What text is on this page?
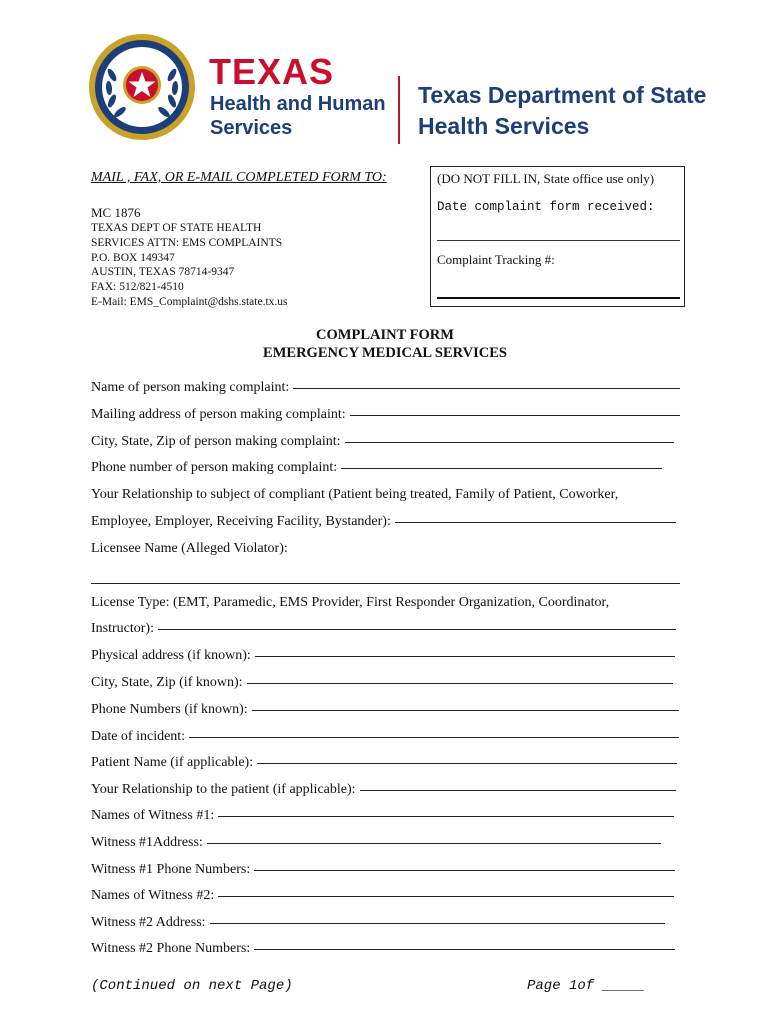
TEXAS
Health and Human
Services
Texas Department of State
Health Services
MAIL , FAX, OR E-MAIL COMPLETED FORM TO:
MC 1876
TEXAS DEPT OF STATE HEALTH
SERVICES ATTN: EMS COMPLAINTS
P.O. BOX 149347
AUSTIN, TEXAS 78714-9347
FAX: 512/821-4510
E-Mail: EMS_Complaint@dshs.state.tx.us
(DO NOT FILL IN, State office use only)
Date complaint form received:
Complaint Tracking #:
COMPLAINT FORM
EMERGENCY MEDICAL SERVICES
Name of person making complaint:
Mailing address of person making complaint:
City, State, Zip of person making complaint:
Phone number of person making complaint:
Your Relationship to subject of compliant (Patient being treated, Family of Patient, Coworker,
Employee, Employer, Receiving Facility, Bystander):
Licensee Name (Alleged Violator):
License Type: (EMT, Paramedic, EMS Provider, First Responder Organization, Coordinator,
Instructor):
Physical address (if known):
City, State, Zip (if known):
Phone Numbers (if known):
Date of incident:
Patient Name (if applicable):
Your Relationship to the patient (if applicable):
Names of Witness #1:
Witness #1Address:
Witness #1 Phone Numbers:
Names of Witness #2:
Witness #2 Address:
Witness #2 Phone Numbers:
(Continued on next Page)	Page 1of _____
